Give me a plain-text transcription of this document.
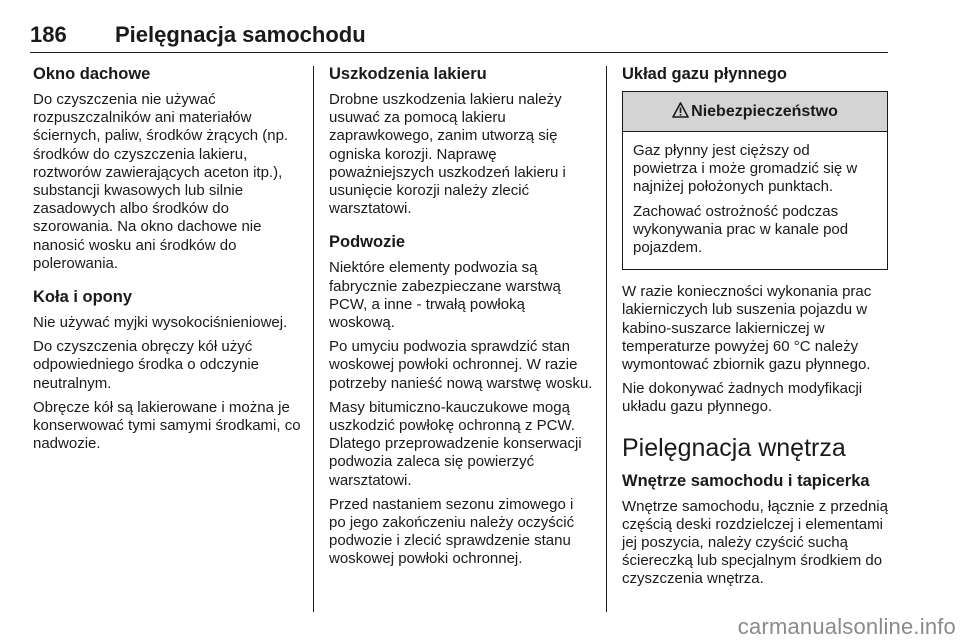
186 Pielęgnacja samochodu
Okno dachowe

Do czyszczenia nie używać rozpuszczalników ani materiałów ściernych, paliw, środków żrących (np. środków do czyszczenia lakieru, roztworów zawierających aceton itp.), substancji kwasowych lub silnie zasadowych albo środków do szorowania. Na okno dachowe nie nanosić wosku ani środków do polerowania.

Koła i opony

Nie używać myjki wysokociśnieniowej.

Do czyszczenia obręczy kół użyć odpowiedniego środka o odczynie neutralnym.

Obręcze kół są lakierowane i można je konserwować tymi samymi środkami, co nadwozie.

Uszkodzenia lakieru

Drobne uszkodzenia lakieru należy usuwać za pomocą lakieru zaprawkowego, zanim utworzą się ogniska korozji. Naprawę poważniejszych uszkodzeń lakieru i usunięcie korozji należy zlecić warsztatowi.

Podwozie

Niektóre elementy podwozia są fabrycznie zabezpieczane warstwą PCW, a inne - trwałą powłoką woskową.

Po umyciu podwozia sprawdzić stan woskowej powłoki ochronnej. W razie potrzeby nanieść nową warstwę wosku.

Masy bitumiczno-kauczukowe mogą uszkodzić powłokę ochronną z PCW. Dlatego przeprowadzenie konserwacji podwozia zaleca się powierzyć warsztatowi.

Przed nastaniem sezonu zimowego i po jego zakończeniu należy oczyścić podwozie i zlecić sprawdzenie stanu woskowej powłoki ochronnej.

Układ gazu płynnego
Niebezpieczeństwo

Gaz płynny jest cięższy od powietrza i może gromadzić się w najniżej położonych punktach.

Zachować ostrożność podczas wykonywania prac w kanale pod pojazdem.

W razie konieczności wykonania prac lakierniczych lub suszenia pojazdu w kabino-suszarce lakierniczej w temperaturze powyżej 60 °C należy wymontować zbiornik gazu płynnego.

Nie dokonywać żadnych modyfikacji układu gazu płynnego.

Pielęgnacja wnętrza
Wnętrze samochodu i tapicerka

Wnętrze samochodu, łącznie z przednią częścią deski rozdzielczej i elementami jej poszycia, należy czyścić suchą ściereczką lub specjalnym środkiem do czyszczenia wnętrza.

carmanualsonline.info
